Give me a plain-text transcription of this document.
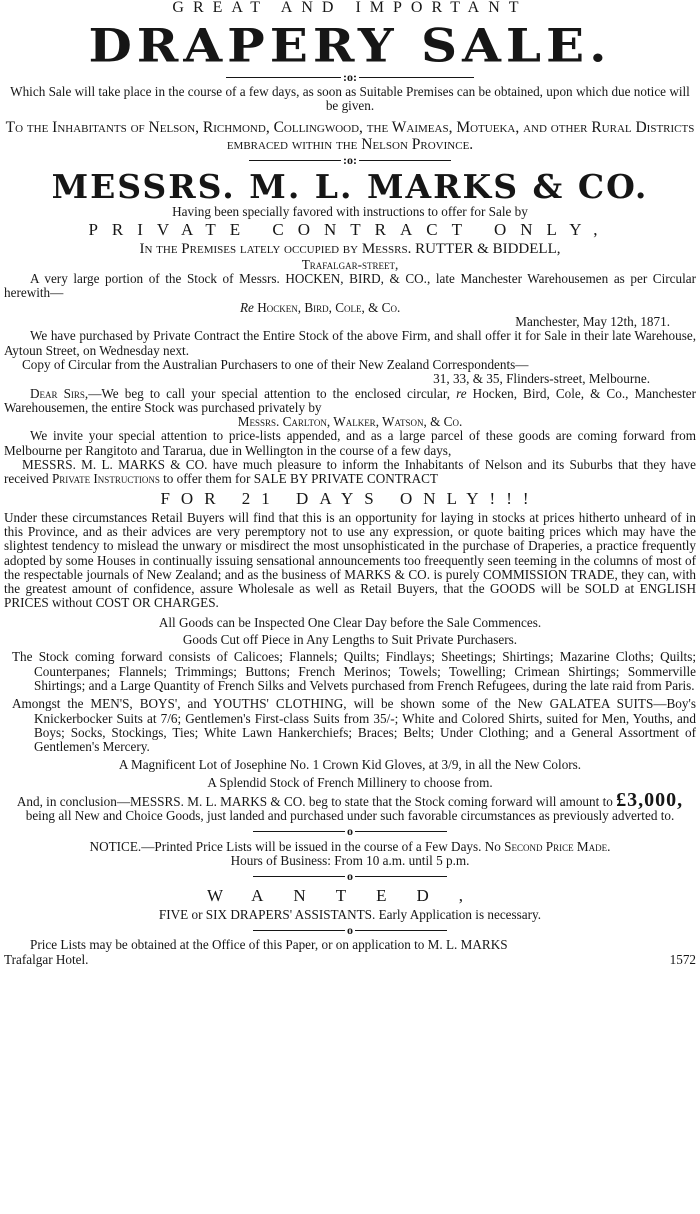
GREAT AND IMPORTANT
DRAPERY SALE.
:o:
Which Sale will take place in the course of a few days, as soon as Suitable Premises can be obtained, upon which due notice will be given.
To the Inhabitants of Nelson, Richmond, Collingwood, the Waimeas, Motueka, and other Rural Districts embraced within the Nelson Province.
:o:
MESSRS. M. L. MARKS & CO.
Having been specially favored with instructions to offer for Sale by
PRIVATE CONTRACT ONLY,
In the Premises lately occupied by Messrs. RUTTER & BIDDELL,
Trafalgar-street,
A very large portion of the Stock of Messrs. HOCKEN, BIRD, & CO., late Manchester Warehousemen as per Circular herewith—
Re Hocken, Bird, Cole, & Co.
Manchester, May 12th, 1871.
We have purchased by Private Contract the Entire Stock of the above Firm, and shall offer it for Sale in their late Warehouse, Aytoun Street, on Wednesday next.
Copy of Circular from the Australian Purchasers to one of their New Zealand Correspondents—
31, 33, & 35, Flinders-street, Melbourne.
Dear Sirs,—We beg to call your special attention to the enclosed circular, re Hocken, Bird, Cole, & Co., Manchester Warehousemen, the entire Stock was purchased privately by
Messrs. Carlton, Walker, Watson, & Co.
We invite your special attention to price-lists appended, and as a large parcel of these goods are coming forward from Melbourne per Rangitoto and Tararua, due in Wellington in the course of a few days,
MESSRS. M. L. MARKS & CO. have much pleasure to inform the Inhabitants of Nelson and its Suburbs that they have received Private Instructions to offer them for SALE BY PRIVATE CONTRACT
FOR 21 DAYS ONLY!!!
Under these circumstances Retail Buyers will find that this is an opportunity for laying in stocks at prices hitherto unheard of in this Province, and as their advices are very peremptory not to use any expression, or quote baiting prices which may have the slightest tendency to mislead the unwary or misdirect the most unsophisticated in the purchase of Draperies, a practice frequently adopted by some Houses in continually issuing sensational announcements too freequently seen teeming in the columns of most of the respectable journals of New Zealand; and as the business of MARKS & CO. is purely COMMISSION TRADE, they can, with the greatest amount of confidence, assure Wholesale as well as Retail Buyers, that the GOODS will be SOLD at ENGLISH PRICES without COST OR CHARGES.
All Goods can be Inspected One Clear Day before the Sale Commences.
Goods Cut off Piece in Any Lengths to Suit Private Purchasers.
The Stock coming forward consists of Calicoes; Flannels; Quilts; Findlays; Sheetings; Shirtings; Mazarine Cloths; Quilts; Counterpanes; Flannels; Trimmings; Buttons; French Merinos; Towels; Towelling; Crimean Shirtings; Sommerville Shirtings; and a Large Quantity of French Silks and Velvets purchased from French Refugees, during the late raid from Paris.
Amongst the MEN'S, BOYS', and YOUTHS' CLOTHING, will be shown some of the New GALATEA SUITS—Boy's Knickerbocker Suits at 7/6; Gentlemen's First-class Suits from 35/-; White and Colored Shirts, suited for Men, Youths, and Boys; Socks, Stockings, Ties; White Lawn Hankerchiefs; Braces; Belts; Under Clothing; and a General Assortment of Gentlemen's Mercery.
A Magnificent Lot of Josephine No. 1 Crown Kid Gloves, at 3/9, in all the New Colors.
A Splendid Stock of French Millinery to choose from.
And, in conclusion—MESSRS. M. L. MARKS & CO. beg to state that the Stock coming forward will amount to £3,000, being all New and Choice Goods, just landed and purchased under such favorable circumstances as previously adverted to.
o
NOTICE.—Printed Price Lists will be issued in the course of a Few Days. No Second Price Made.
Hours of Business: From 10 a.m. until 5 p.m.
o
WANTED,
FIVE or SIX DRAPERS' ASSISTANTS. Early Application is necessary.
o
Price Lists may be obtained at the Office of this Paper, or on application to M. L. MARKS
Trafalgar Hotel.	1572
